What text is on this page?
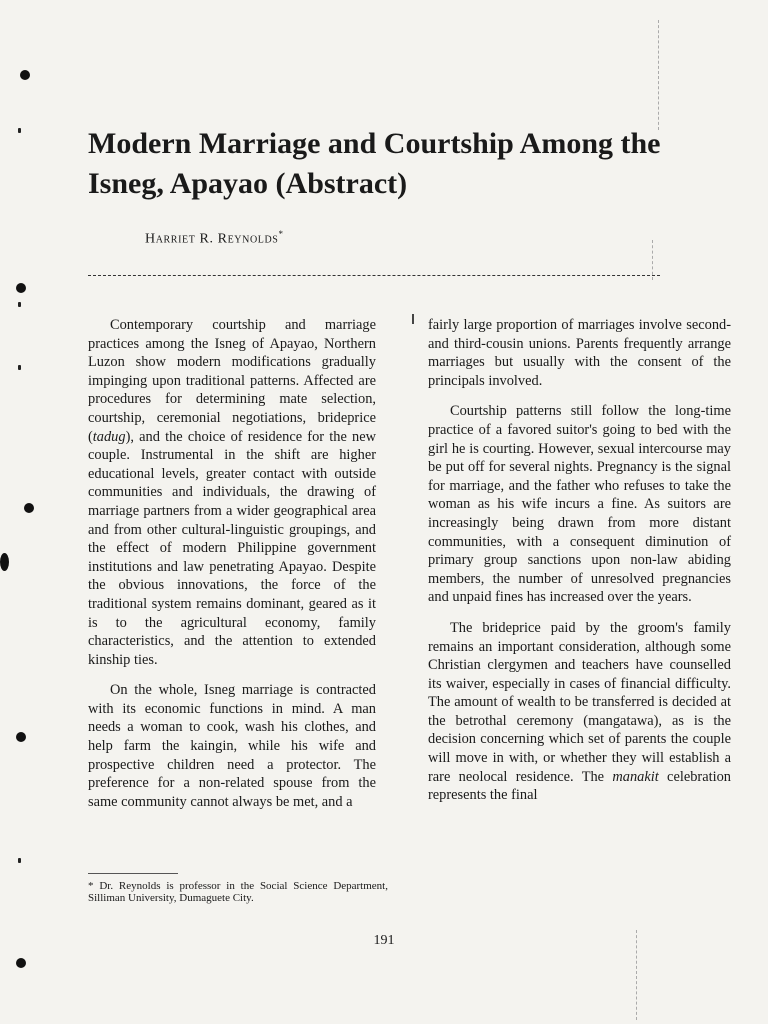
Modern Marriage and Courtship Among the Isneg, Apayao (Abstract)
Harriet R. Reynolds*

Contemporary courtship and marriage practices among the Isneg of Apayao, Northern Luzon show modern modifications gradually impinging upon traditional patterns. Affected are procedures for determining mate selection, courtship, ceremonial negotiations, brideprice (tadug), and the choice of residence for the new couple. Instrumental in the shift are higher educational levels, greater contact with outside communities and individuals, the drawing of marriage partners from a wider geographical area and from other cultural-linguistic groupings, and the effect of modern Philippine government institutions and law penetrating Apayao. Despite the obvious innovations, the force of the traditional system remains dominant, geared as it is to the agricultural economy, family characteristics, and the attention to extended kinship ties.

On the whole, Isneg marriage is contracted with its economic functions in mind. A man needs a woman to cook, wash his clothes, and help farm the kaingin, while his wife and prospective children need a protector. The preference for a non-related spouse from the same community cannot always be met, and a

* Dr. Reynolds is professor in the Social Science Department, Silliman University, Dumaguete City.

fairly large proportion of marriages involve second- and third-cousin unions. Parents frequently arrange marriages but usually with the consent of the principals involved.

Courtship patterns still follow the long-time practice of a favored suitor's going to bed with the girl he is courting. However, sexual intercourse may be put off for several nights. Pregnancy is the signal for marriage, and the father who refuses to take the woman as his wife incurs a fine. As suitors are increasingly being drawn from more distant communities, with a consequent diminution of primary group sanctions upon non-law abiding members, the number of unresolved pregnancies and unpaid fines has increased over the years.

The brideprice paid by the groom's family remains an important consideration, although some Christian clergymen and teachers have counselled its waiver, especially in cases of financial difficulty. The amount of wealth to be transferred is decided at the betrothal ceremony (mangatawa), as is the decision concerning which set of parents the couple will move in with, or whether they will establish a rare neolocal residence. The manakit celebration represents the final

191
